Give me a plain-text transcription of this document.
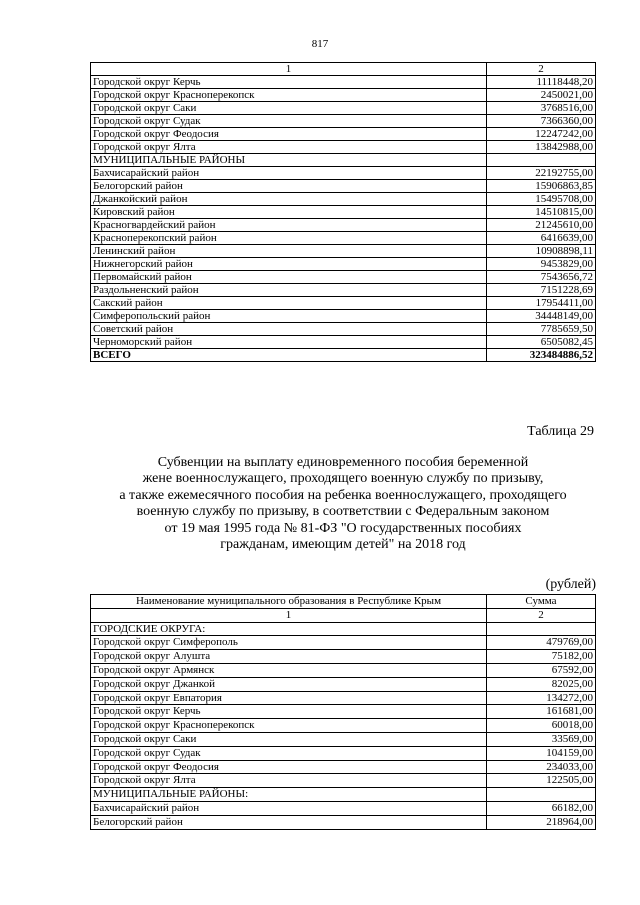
817
1	2
Городской округ Керчь	11118448,20
Городской округ Красноперекопск	2450021,00
Городской округ Саки	3768516,00
Городской округ Судак	7366360,00
Городской округ Феодосия	12247242,00
Городской округ Ялта	13842988,00
МУНИЦИПАЛЬНЫЕ РАЙОНЫ	
Бахчисарайский район	22192755,00
Белогорский район	15906863,85
Джанкойский район	15495708,00
Кировский район	14510815,00
Красногвардейский район	21245610,00
Красноперекопский район	6416639,00
Ленинский район	10908898,11
Нижнегорский район	9453829,00
Первомайский район	7543656,72
Раздольненский район	7151228,69
Сакский район	17954411,00
Симферопольский район	34448149,00
Советский район	7785659,50
Черноморский район	6505082,45
ВСЕГО	323484886,52
Таблица 29
Субвенции на выплату единовременного пособия беременной
жене военнослужащего, проходящего военную службу по призыву,
а также ежемесячного пособия на ребенка военнослужащего, проходящего
военную службу по призыву, в соответствии с Федеральным законом
от 19 мая 1995 года № 81-ФЗ "О государственных пособиях
гражданам, имеющим детей" на 2018 год
(рублей)
Наименование муниципального образования в Республике Крым	Сумма
1	2
ГОРОДСКИЕ ОКРУГА:	
Городской округ Симферополь	479769,00
Городской округ Алушта	75182,00
Городской округ Армянск	67592,00
Городской округ Джанкой	82025,00
Городской округ Евпатория	134272,00
Городской округ Керчь	161681,00
Городской округ Красноперекопск	60018,00
Городской округ Саки	33569,00
Городской округ Судак	104159,00
Городской округ Феодосия	234033,00
Городской округ Ялта	122505,00
МУНИЦИПАЛЬНЫЕ РАЙОНЫ:	
Бахчисарайский район	66182,00
Белогорский район	218964,00
